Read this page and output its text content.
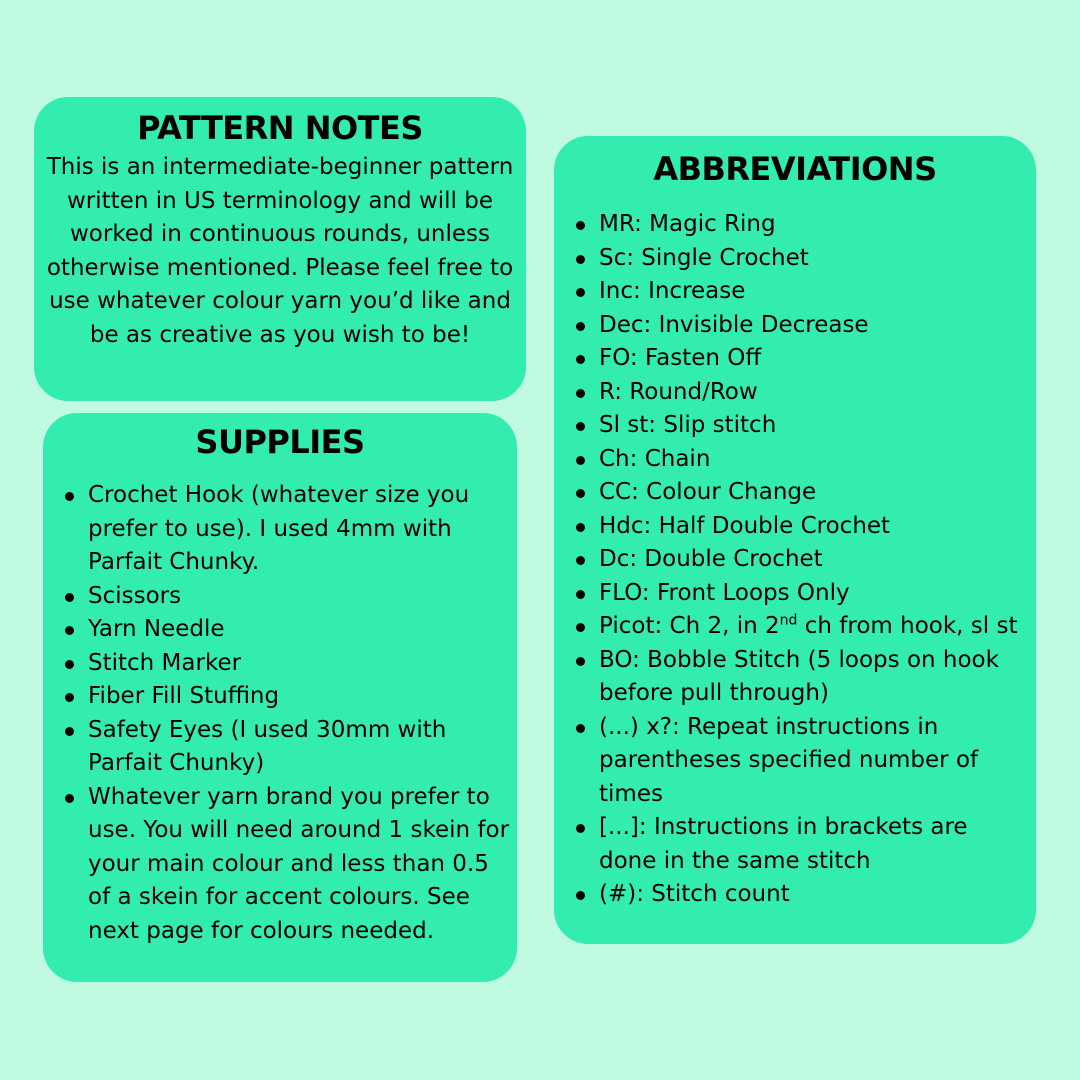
PATTERN NOTES

This is an intermediate-beginner pattern written in US terminology and will be worked in continuous rounds, unless otherwise mentioned. Please feel free to use whatever colour yarn you’d like and be as creative as you wish to be!

SUPPLIES
Crochet Hook (whatever size you prefer to use). I used 4mm with Parfait Chunky.
Scissors
Yarn Needle
Stitch Marker
Fiber Fill Stuffing
Safety Eyes (I used 30mm with Parfait Chunky)
Whatever yarn brand you prefer to use. You will need around 1 skein for your main colour and less than 0.5 of a skein for accent colours. See next page for colours needed.
ABBREVIATIONS
MR: Magic Ring
Sc: Single Crochet
Inc: Increase
Dec: Invisible Decrease
FO: Fasten Off
R: Round/Row
Sl st: Slip stitch
Ch: Chain
CC: Colour Change
Hdc: Half Double Crochet
Dc: Double Crochet
FLO: Front Loops Only
Picot: Ch 2, in 2nd ch from hook, sl st
BO: Bobble Stitch (5 loops on hook before pull through)
(...) x?: Repeat instructions in parentheses specified number of times
[...]: Instructions in brackets are done in the same stitch
(#): Stitch count
